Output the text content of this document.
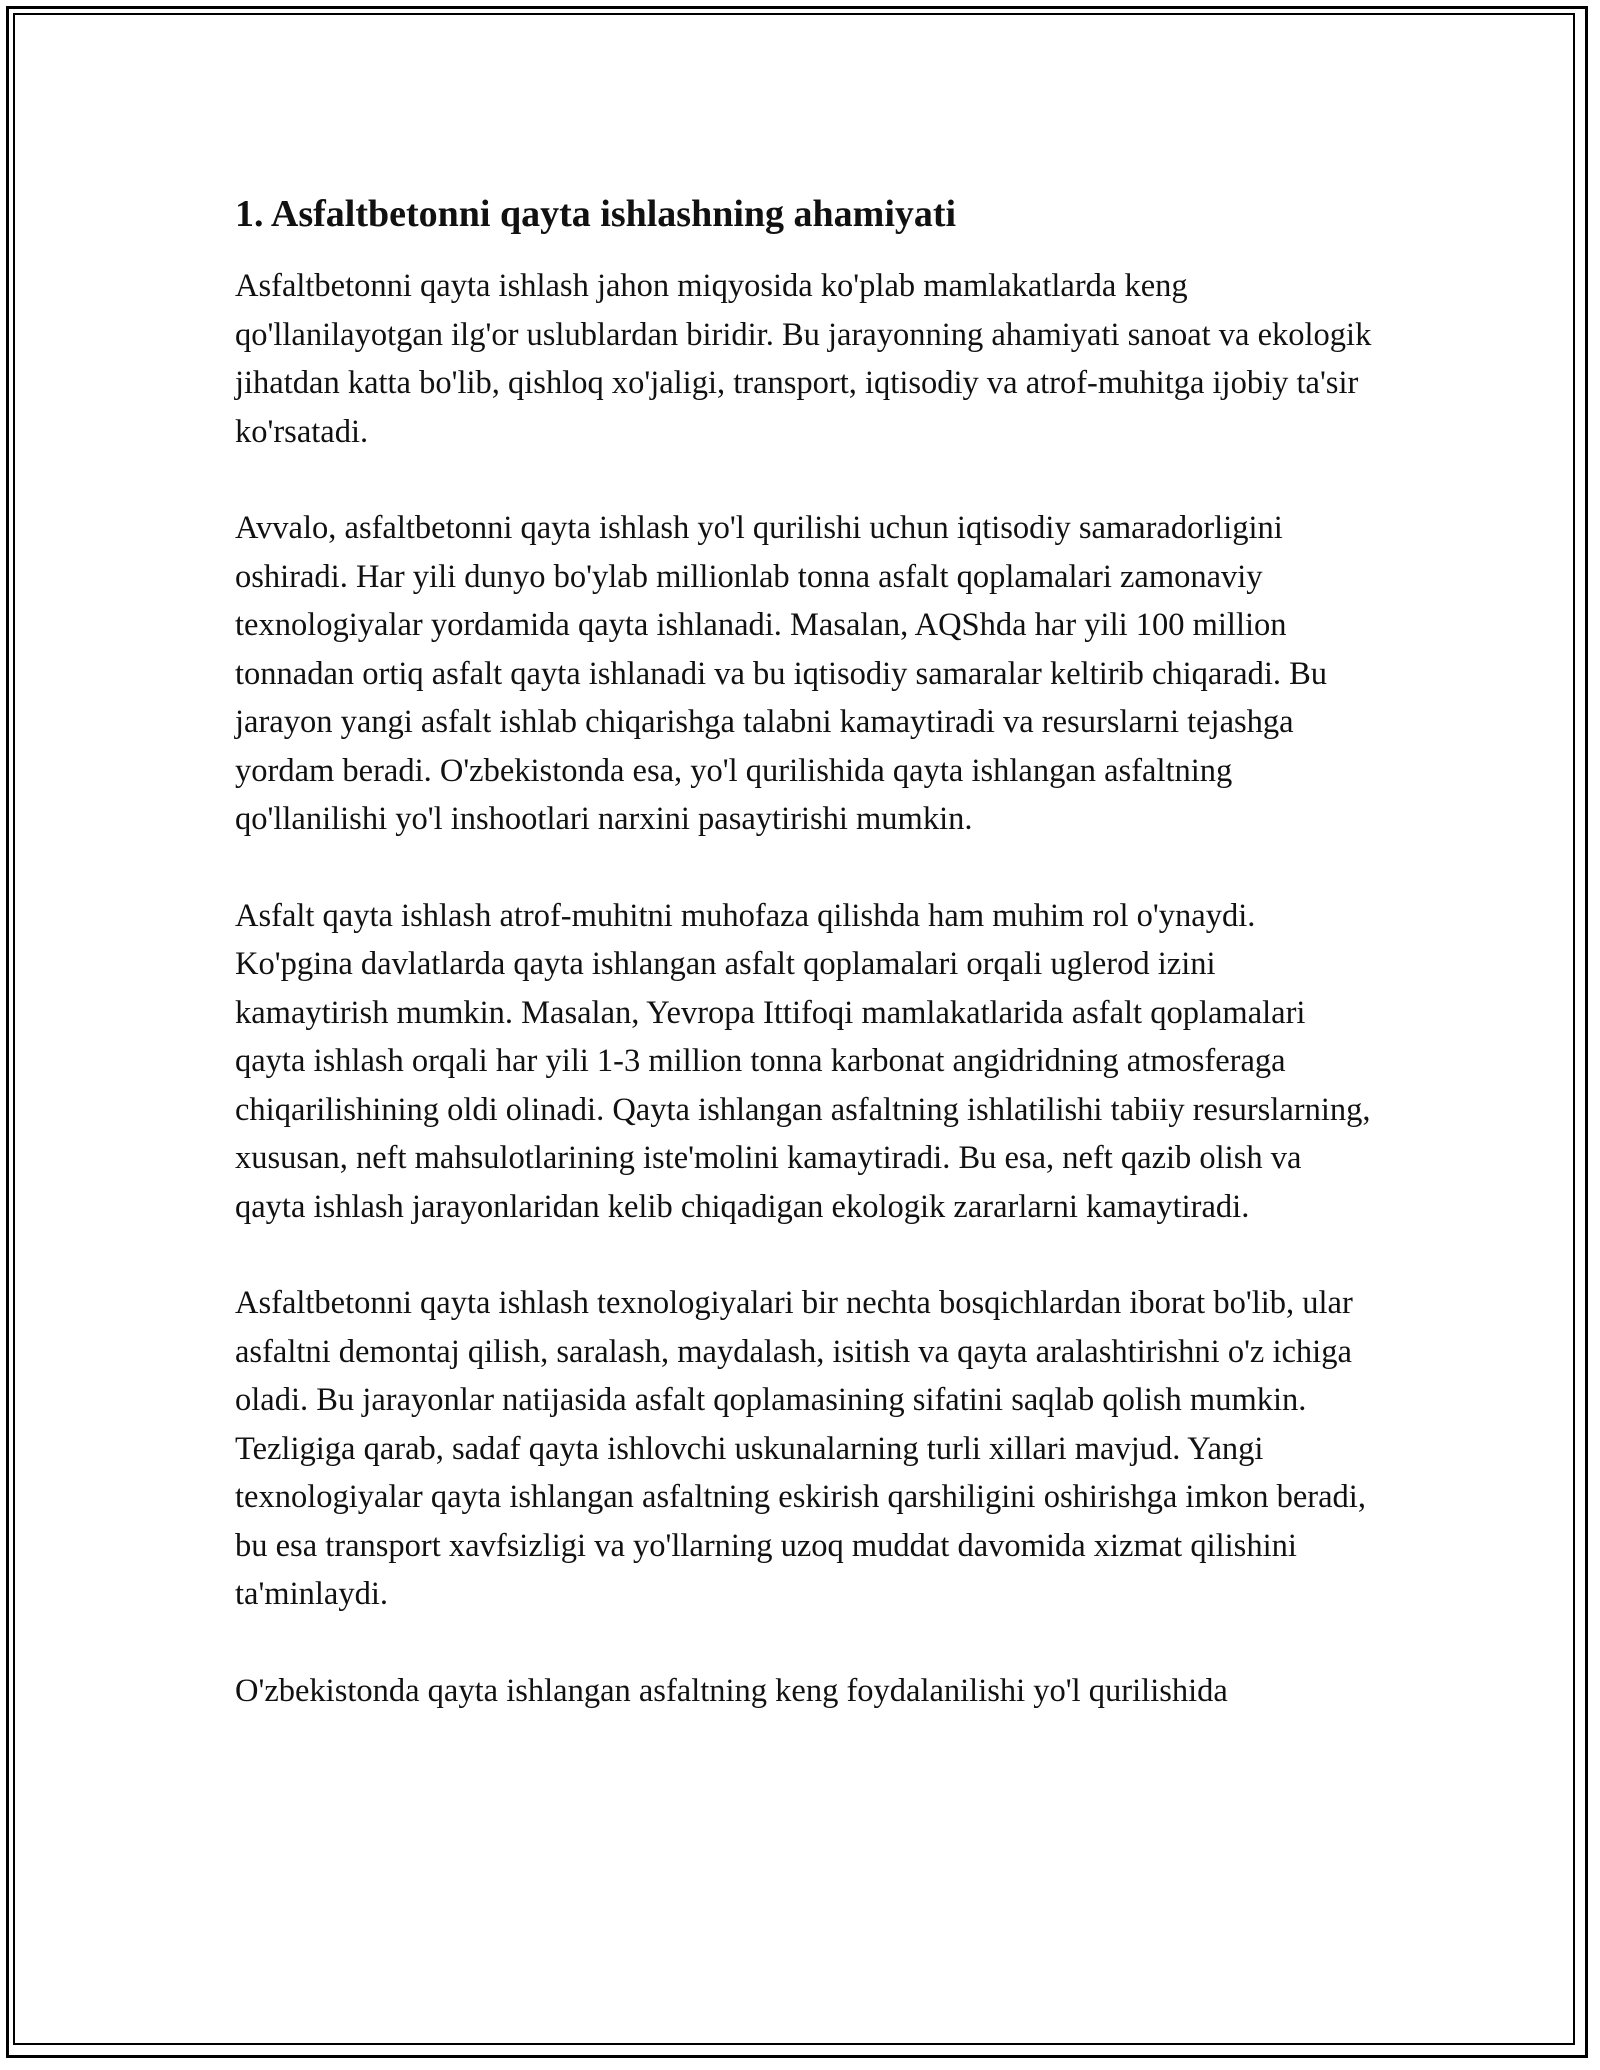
1. Asfaltbetonni qayta ishlashning ahamiyati

Asfaltbetonni qayta ishlash jahon miqyosida ko'plab mamlakatlarda keng qo'llanilayotgan ilg'or uslublardan biridir. Bu jarayonning ahamiyati sanoat va ekologik jihatdan katta bo'lib, qishloq xo'jaligi, transport, iqtisodiy va atrof-muhitga ijobiy ta'sir ko'rsatadi.

Avvalo, asfaltbetonni qayta ishlash yo'l qurilishi uchun iqtisodiy samaradorligini oshiradi. Har yili dunyo bo'ylab millionlab tonna asfalt qoplamalari zamonaviy texnologiyalar yordamida qayta ishlanadi. Masalan, AQShda har yili 100 million tonnadan ortiq asfalt qayta ishlanadi va bu iqtisodiy samaralar keltirib chiqaradi. Bu jarayon yangi asfalt ishlab chiqarishga talabni kamaytiradi va resurslarni tejashga yordam beradi. O'zbekistonda esa, yo'l qurilishida qayta ishlangan asfaltning qo'llanilishi yo'l inshootlari narxini pasaytirishi mumkin.

Asfalt qayta ishlash atrof-muhitni muhofaza qilishda ham muhim rol o'ynaydi. Ko'pgina davlatlarda qayta ishlangan asfalt qoplamalari orqali uglerod izini kamaytirish mumkin. Masalan, Yevropa Ittifoqi mamlakatlarida asfalt qoplamalari qayta ishlash orqali har yili 1-3 million tonna karbonat angidridning atmosferaga chiqarilishining oldi olinadi. Qayta ishlangan asfaltning ishlatilishi tabiiy resurslarning, xususan, neft mahsulotlarining iste'molini kamaytiradi. Bu esa, neft qazib olish va qayta ishlash jarayonlaridan kelib chiqadigan ekologik zararlarni kamaytiradi.

Asfaltbetonni qayta ishlash texnologiyalari bir nechta bosqichlardan iborat bo'lib, ular asfaltni demontaj qilish, saralash, maydalash, isitish va qayta aralashtirishni o'z ichiga oladi. Bu jarayonlar natijasida asfalt qoplamasining sifatini saqlab qolish mumkin. Tezligiga qarab, sadaf qayta ishlovchi uskunalarning turli xillari mavjud. Yangi texnologiyalar qayta ishlangan asfaltning eskirish qarshiligini oshirishga imkon beradi, bu esa transport xavfsizligi va yo'llarning uzoq muddat davomida xizmat qilishini ta'minlaydi.

O'zbekistonda qayta ishlangan asfaltning keng foydalanilishi yo'l qurilishida
